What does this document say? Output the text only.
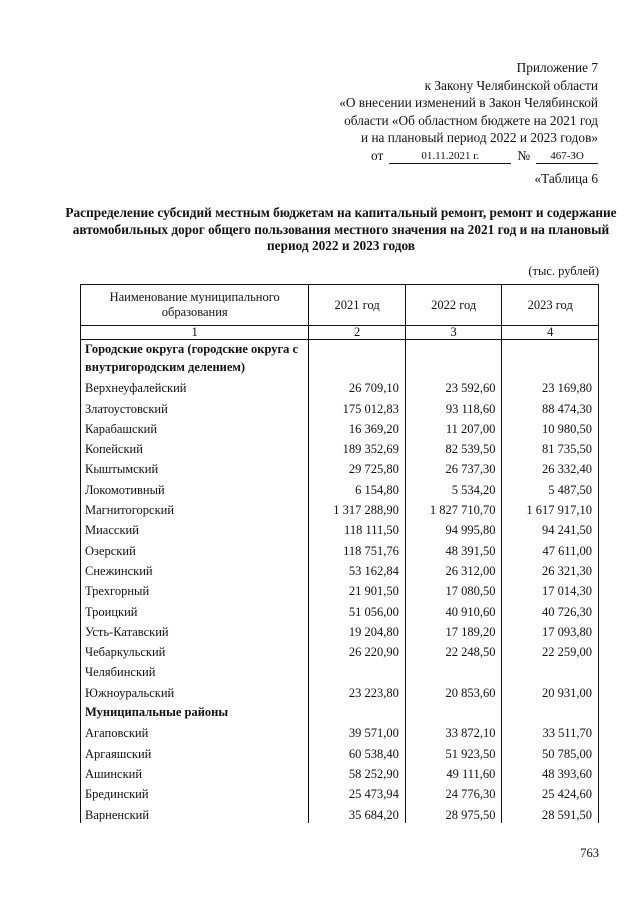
Приложение 7
к Закону Челябинской области
«О внесении изменений в Закон Челябинской
области «Об областном бюджете на 2021 год
и на плановый период 2022 и 2023 годов»
от	01.11.2021 г.	№	467-ЗО
«Таблица 6
Распределение субсидий местным бюджетам на капитальный ремонт, ремонт и содержание автомобильных дорог общего пользования местного значения на 2021 год и на плановый период 2022 и 2023 годов
(тыс. рублей)
Наименование муниципального образования	2021 год	2022 год	2023 год
1	2	3	4
Городские округа (городские округа с внутригородским делением)			
Верхнеуфалейский	26 709,10	23 592,60	23 169,80
Златоустовский	175 012,83	93 118,60	88 474,30
Карабашский	16 369,20	11 207,00	10 980,50
Копейский	189 352,69	82 539,50	81 735,50
Кыштымский	29 725,80	26 737,30	26 332,40
Локомотивный	6 154,80	5 534,20	5 487,50
Магнитогорский	1 317 288,90	1 827 710,70	1 617 917,10
Миасский	118 111,50	94 995,80	94 241,50
Озерский	118 751,76	48 391,50	47 611,00
Снежинский	53 162,84	26 312,00	26 321,30
Трехгорный	21 901,50	17 080,50	17 014,30
Троицкий	51 056,00	40 910,60	40 726,30
Усть-Катавский	19 204,80	17 189,20	17 093,80
Чебаркульский	26 220,90	22 248,50	22 259,00
Челябинский			
Южноуральский	23 223,80	20 853,60	20 931,00
Муниципальные районы			
Агаповский	39 571,00	33 872,10	33 511,70
Аргаяшский	60 538,40	51 923,50	50 785,00
Ашинский	58 252,90	49 111,60	48 393,60
Брединский	25 473,94	24 776,30	25 424,60
Варненский	35 684,20	28 975,50	28 591,50
763
